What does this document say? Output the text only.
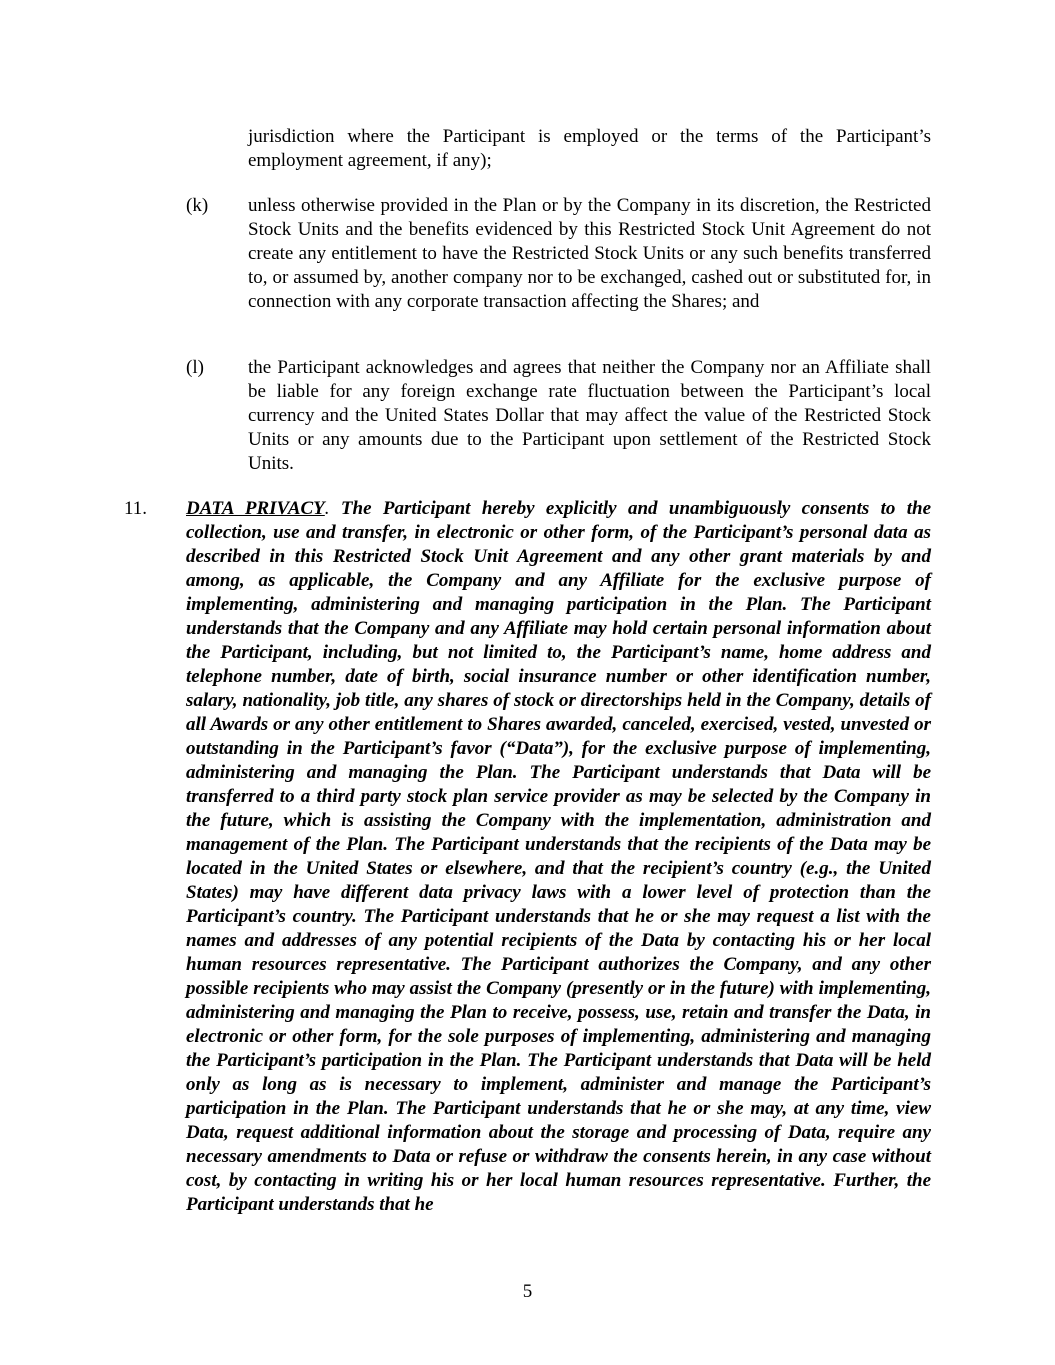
jurisdiction where the Participant is employed or the terms of the Participant’s employment agreement, if any);

(k) unless otherwise provided in the Plan or by the Company in its discretion, the Restricted Stock Units and the benefits evidenced by this Restricted Stock Unit Agreement do not create any entitlement to have the Restricted Stock Units or any such benefits transferred to, or assumed by, another company nor to be exchanged, cashed out or substituted for, in connection with any corporate transaction affecting the Shares; and

(l) the Participant acknowledges and agrees that neither the Company nor an Affiliate shall be liable for any foreign exchange rate fluctuation between the Participant’s local currency and the United States Dollar that may affect the value of the Restricted Stock Units or any amounts due to the Participant upon settlement of the Restricted Stock Units.

11. DATA PRIVACY. The Participant hereby explicitly and unambiguously consents to the collection, use and transfer, in electronic or other form, of the Participant’s personal data as described in this Restricted Stock Unit Agreement and any other grant materials by and among, as applicable, the Company and any Affiliate for the exclusive purpose of implementing, administering and managing participation in the Plan. The Participant understands that the Company and any Affiliate may hold certain personal information about the Participant, including, but not limited to, the Participant’s name, home address and telephone number, date of birth, social insurance number or other identification number, salary, nationality, job title, any shares of stock or directorships held in the Company, details of all Awards or any other entitlement to Shares awarded, canceled, exercised, vested, unvested or outstanding in the Participant’s favor (“Data”), for the exclusive purpose of implementing, administering and managing the Plan. The Participant understands that Data will be transferred to a third party stock plan service provider as may be selected by the Company in the future, which is assisting the Company with the implementation, administration and management of the Plan. The Participant understands that the recipients of the Data may be located in the United States or elsewhere, and that the recipient’s country (e.g., the United States) may have different data privacy laws with a lower level of protection than the Participant’s country. The Participant understands that he or she may request a list with the names and addresses of any potential recipients of the Data by contacting his or her local human resources representative. The Participant authorizes the Company, and any other possible recipients who may assist the Company (presently or in the future) with implementing, administering and managing the Plan to receive, possess, use, retain and transfer the Data, in electronic or other form, for the sole purposes of implementing, administering and managing the Participant’s participation in the Plan. The Participant understands that Data will be held only as long as is necessary to implement, administer and manage the Participant’s participation in the Plan. The Participant understands that he or she may, at any time, view Data, request additional information about the storage and processing of Data, require any necessary amendments to Data or refuse or withdraw the consents herein, in any case without cost, by contacting in writing his or her local human resources representative. Further, the Participant understands that he

5
